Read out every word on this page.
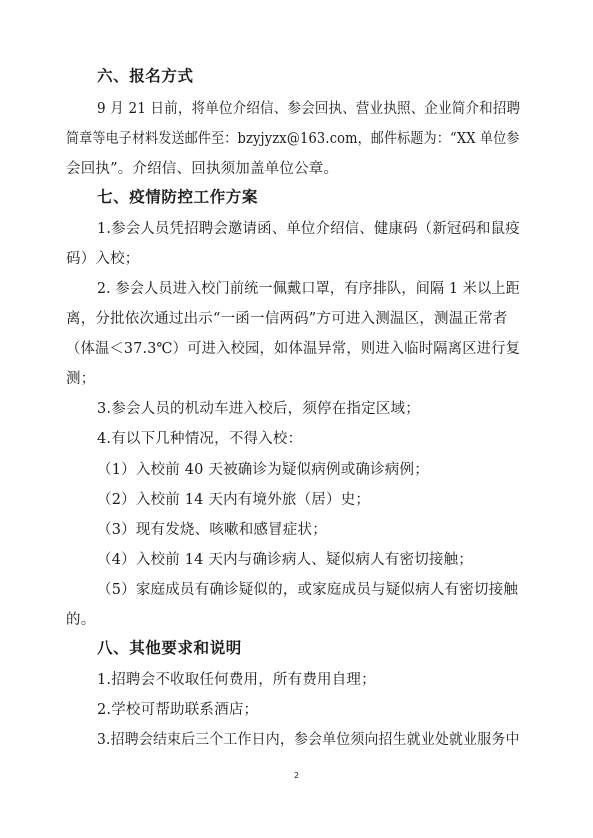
六、报名方式
9 月 21 日前，将单位介绍信、参会回执、营业执照、企业简介和招聘
简章等电子材料发送邮件至：bzyjyzx@163.com，邮件标题为：“XX 单位参
会回执”。介绍信、回执须加盖单位公章。
七、疫情防控工作方案
1.参会人员凭招聘会邀请函、单位介绍信、健康码（新冠码和鼠疫
码）入校；
2. 参会人员进入校门前统一佩戴口罩，有序排队，间隔 1 米以上距
离，分批依次通过出示“一函一信两码”方可进入测温区，测温正常者
（体温＜37.3℃）可进入校园，如体温异常，则进入临时隔离区进行复
测；
3.参会人员的机动车进入校后，须停在指定区域；
4.有以下几种情况，不得入校：
（1）入校前 40 天被确诊为疑似病例或确诊病例；
（2）入校前 14 天内有境外旅（居）史；
（3）现有发烧、咳嗽和感冒症状；
（4）入校前 14 天内与确诊病人、疑似病人有密切接触；
（5）家庭成员有确诊疑似的，或家庭成员与疑似病人有密切接触
的。
八、其他要求和说明
1.招聘会不收取任何费用，所有费用自理；
2.学校可帮助联系酒店；
3.招聘会结束后三个工作日内，参会单位须向招生就业处就业服务中
2
